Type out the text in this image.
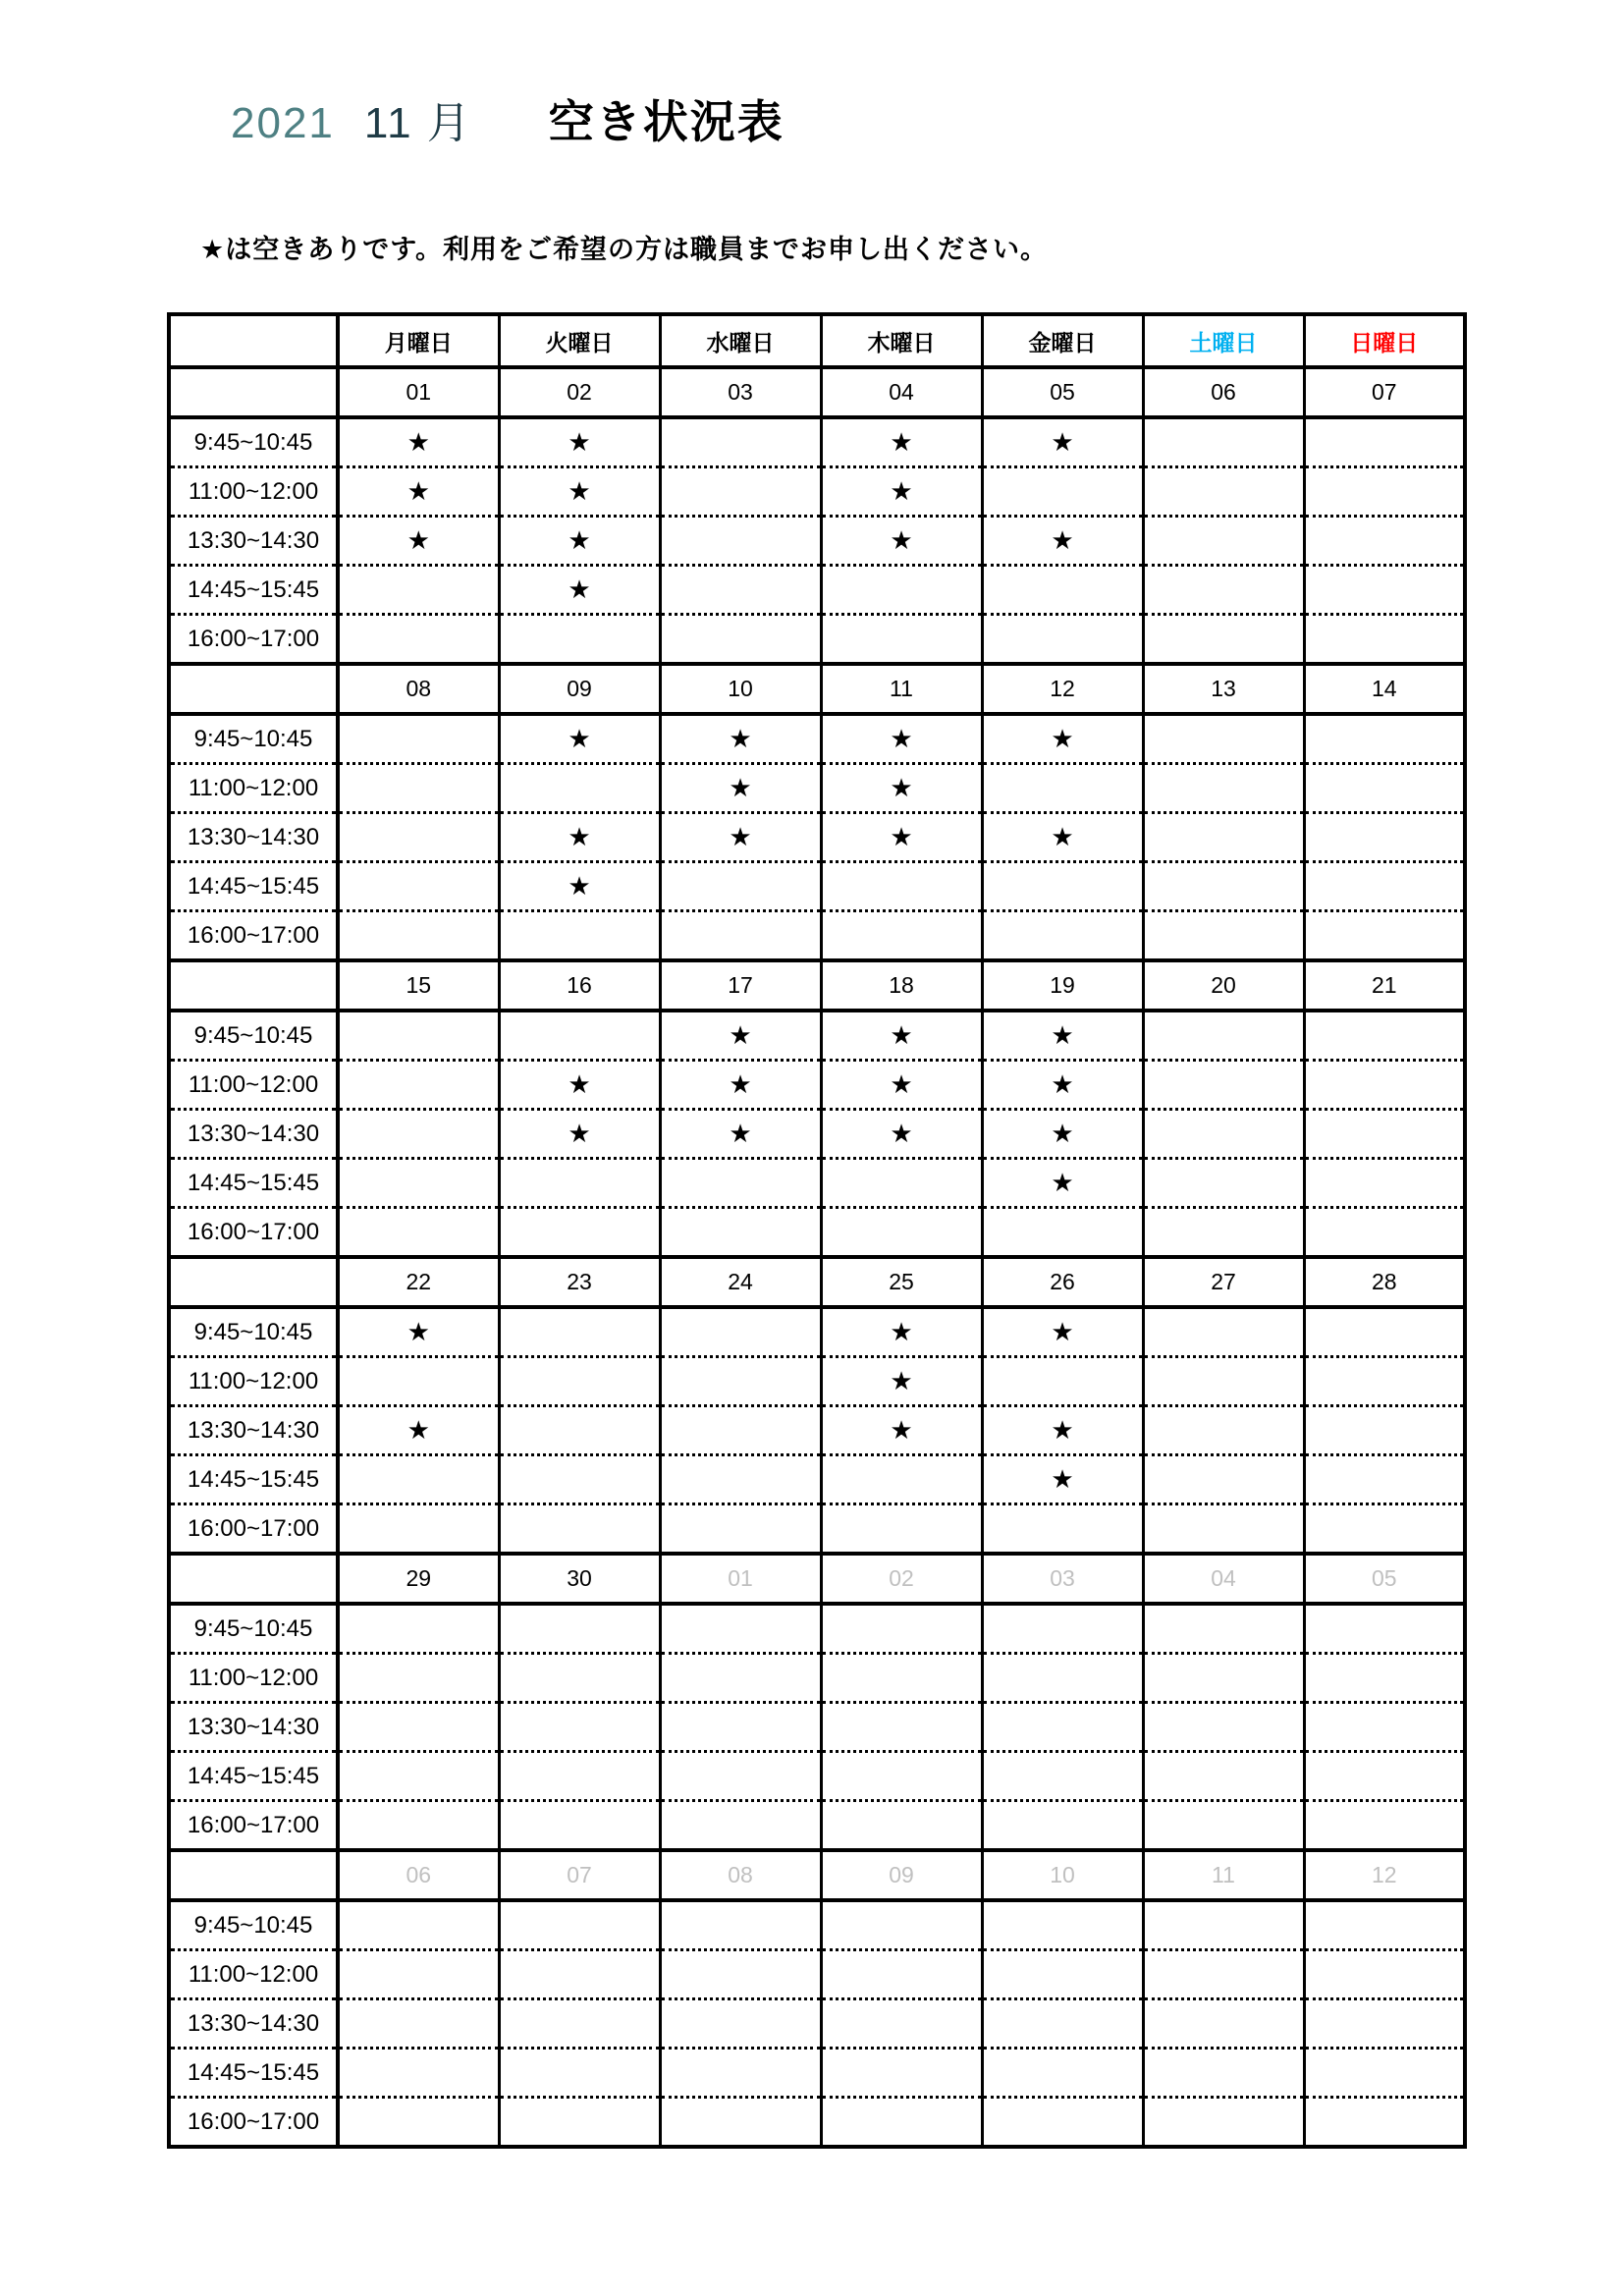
2021 11 月 空き状況表
★は空きありです。利用をご希望の方は職員までお申し出ください。
	月曜日	火曜日	水曜日	木曜日	金曜日	土曜日	日曜日
	01	02	03	04	05	06	07
9:45~10:45	★	★		★	★		
11:00~12:00	★	★		★			
13:30~14:30	★	★		★	★		
14:45~15:45		★					
16:00~17:00							
	08	09	10	11	12	13	14
9:45~10:45		★	★	★	★		
11:00~12:00			★	★			
13:30~14:30		★	★	★	★		
14:45~15:45		★					
16:00~17:00							
	15	16	17	18	19	20	21
9:45~10:45			★	★	★		
11:00~12:00		★	★	★	★		
13:30~14:30		★	★	★	★		
14:45~15:45					★		
16:00~17:00							
	22	23	24	25	26	27	28
9:45~10:45	★			★	★		
11:00~12:00				★			
13:30~14:30	★			★	★		
14:45~15:45					★		
16:00~17:00							
	29	30	01	02	03	04	05
9:45~10:45							
11:00~12:00							
13:30~14:30							
14:45~15:45							
16:00~17:00							
	06	07	08	09	10	11	12
9:45~10:45							
11:00~12:00							
13:30~14:30							
14:45~15:45							
16:00~17:00							
